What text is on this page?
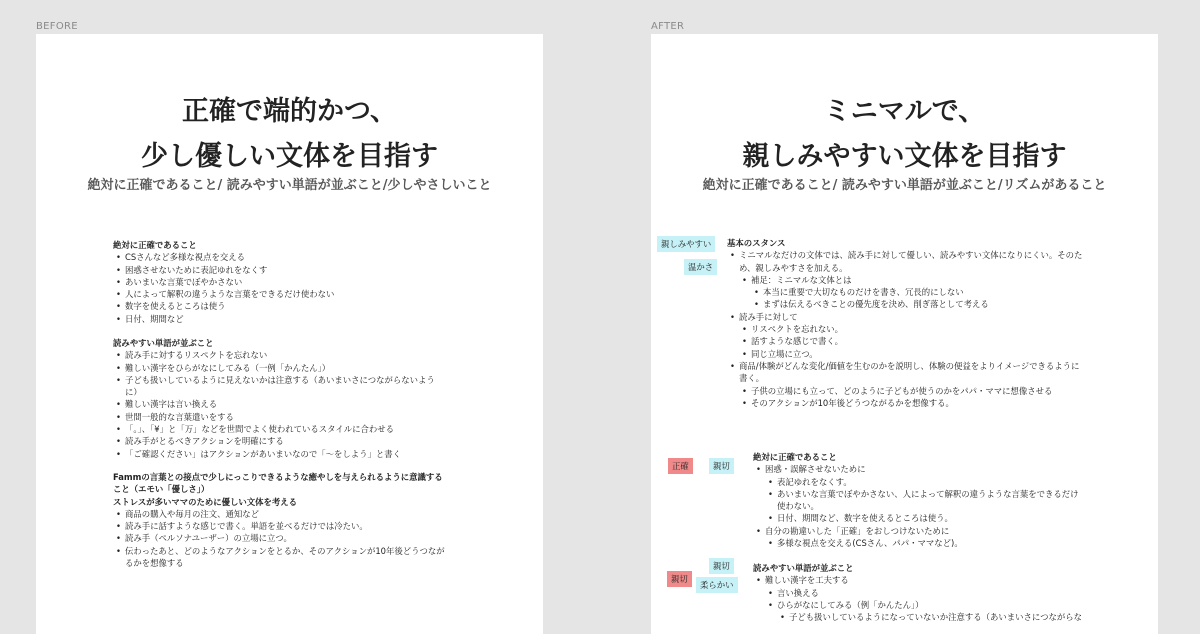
BEFORE	AFTER
正確で端的かつ、
少し優しい文体を目指す
絶対に正確であること/ 読みやすい単語が並ぶこと/少しやさしいこと
絶対に正確であること
• CSさんなど多様な視点を交える
• 困惑させないために表記ゆれをなくす
• あいまいな言葉でぼやかさない
• 人によって解釈の違うような言葉をできるだけ使わない
• 数字を使えるところは使う
• 日付、期間など
読みやすい単語が並ぶこと
• 読み手に対するリスペクトを忘れない
• 難しい漢字をひらがなにしてみる（一例「かんたん」）
• 子ども扱いしているように見えないかは注意する（あいまいさにつながらないよう
に）
• 難しい漢字は言い換える
• 世間一般的な言葉遣いをする
• 「。」、「¥」と「万」などを世間でよく使われているスタイルに合わせる
• 読み手がとるべきアクションを明確にする
• 「ご確認ください」はアクションがあいまいなので「〜をしよう」と書く
Fammの言葉との接点で少しにっこりできるような癒やしを与えられるように意識する
こと（エモい「優しさ」）
ストレスが多いママのために優しい文体を考える
• 商品の購入や毎月の注文、通知など
• 読み手に話すような感じで書く。単語を並べるだけでは冷たい。
• 読み手（ペルソナユーザー）の立場に立つ。
• 伝わったあと、どのようなアクションをとるか、そのアクションが10年後どうつなが
るかを想像する
ミニマルで、
親しみやすい文体を目指す
絶対に正確であること/ 読みやすい単語が並ぶこと/リズムがあること
親しみやすい
温かさ
正確	親切
親切
親切
柔らかい
基本のスタンス
• ミニマルなだけの文体では、読み手に対して優しい、読みやすい文体になりにくい。そのた
め、親しみやすさを加える。
• 補足：ミニマルな文体とは
• 本当に重要で大切なものだけを書き、冗長的にしない
• まずは伝えるべきことの優先度を決め、削ぎ落として考える
• 読み手に対して
• リスペクトを忘れない。
• 話すような感じで書く。
• 同じ立場に立つ。
• 商品/体験がどんな変化/価値を生むのかを説明し、体験の便益をよりイメージできるように
書く。
• 子供の立場にも立って、どのように子どもが使うのかをパパ・ママに想像させる
• そのアクションが10年後どうつながるかを想像する。
絶対に正確であること
• 困惑・誤解させないために
• 表記ゆれをなくす。
• あいまいな言葉でぼやかさない、人によって解釈の違うような言葉をできるだけ
使わない。
• 日付、期間など、数字を使えるところは使う。
• 自分の勘違いした「正確」をおしつけないために
• 多様な視点を交える(CSさん、パパ・ママなど)。
読みやすい単語が並ぶこと
• 難しい漢字を工夫する
• 言い換える
• ひらがなにしてみる（例「かんたん」）
• 子ども扱いしているようになっていないか注意する（あいまいさにつながらな
